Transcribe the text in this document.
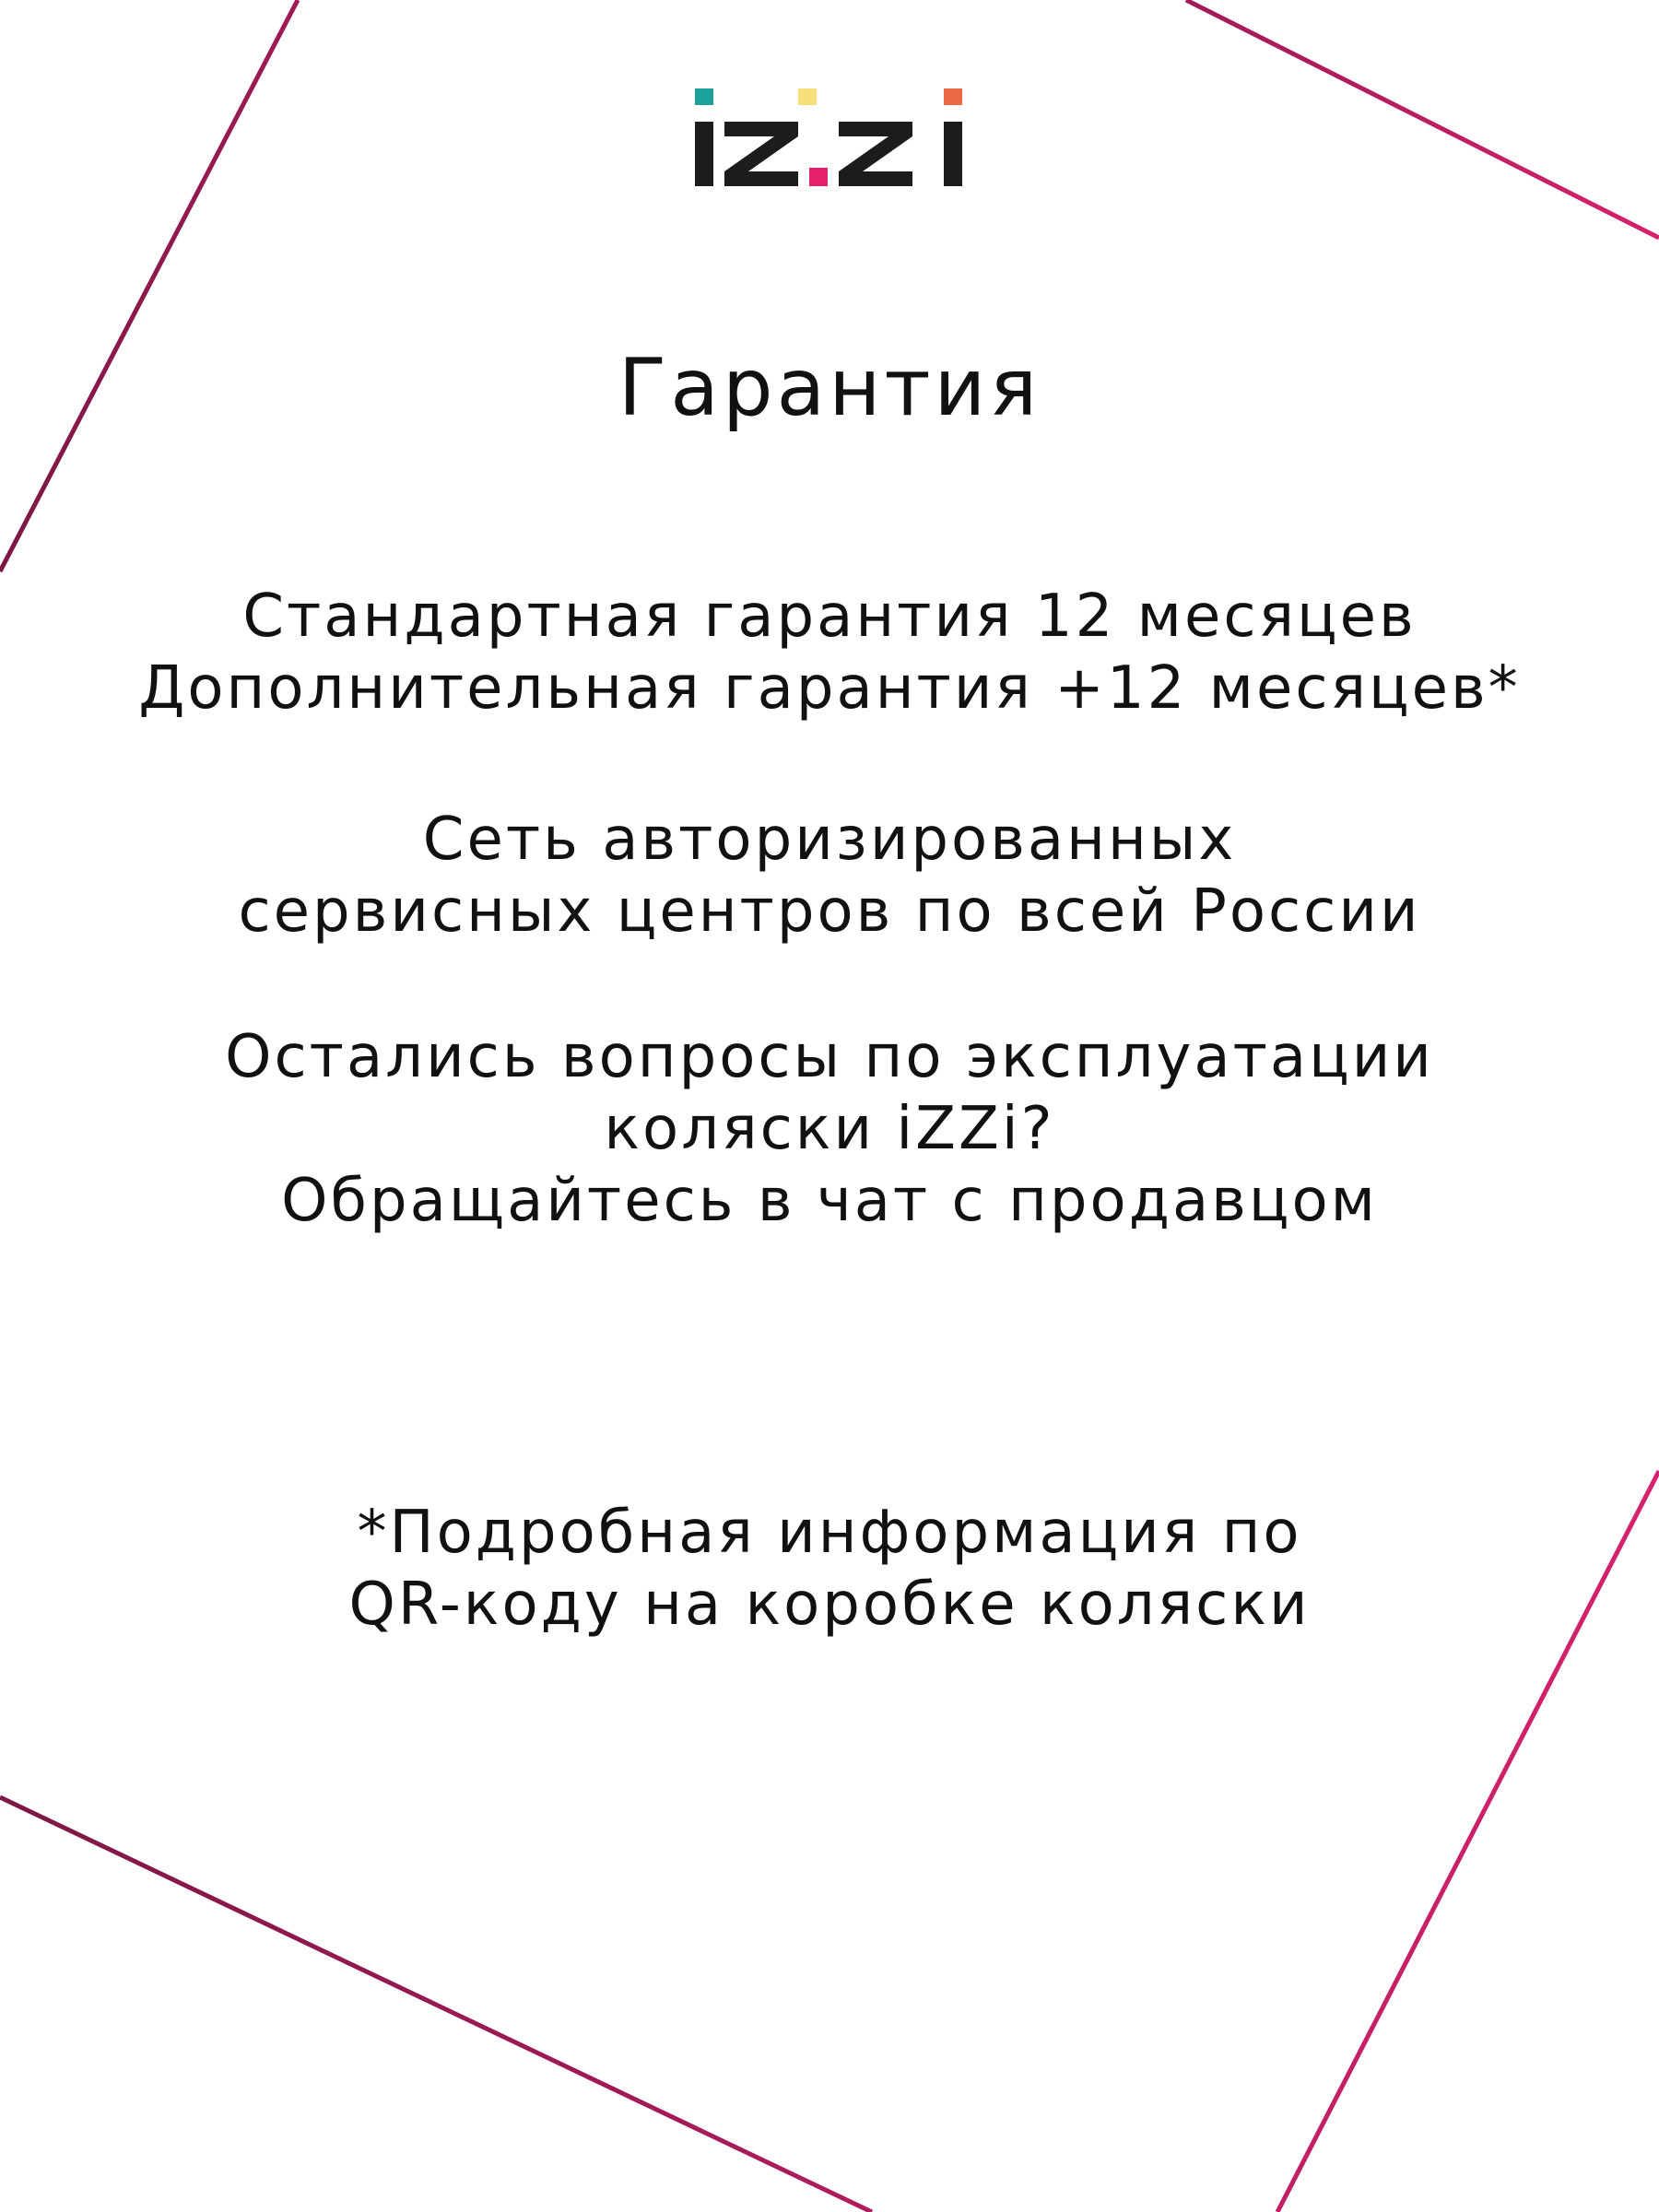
Гарантия

Стандартная гарантия 12 месяцев

Дополнительная гарантия +12 месяцев*

Сеть авторизированных

сервисных центров по всей России

Остались вопросы по эксплуатации

коляски iZZi?

Обращайтесь в чат с продавцом

*Подробная информация по

QR-коду на коробке коляски
